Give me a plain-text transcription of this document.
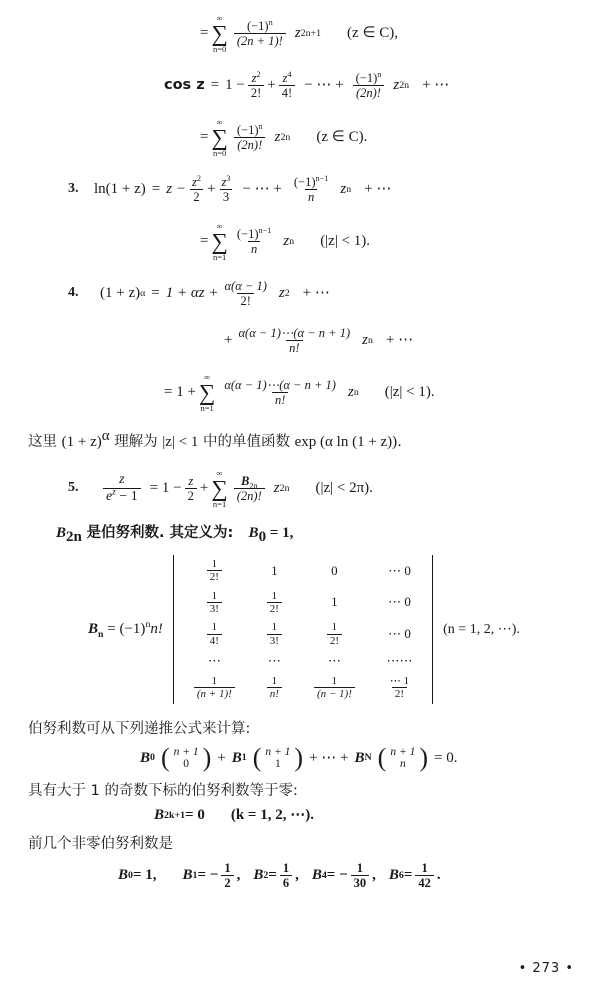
=
∞
∑
n=0
$\frac{(-1)^n}{(2n + 1)!}$ z 2n+1 (z ∈ C),
$\cos z = 1 - \frac{z^2}{2!} + \frac{z^4}{4!}$ − ⋯ + $\frac{(-1)^n}{(2n)!}$ z 2n + ⋯
=
∞
∑
n=0
$\frac{(-1)^n}{(2n)!}$ z 2n (z ∈ C).
3.	$\ln(1 + z) = z - \frac{z^2}{2} + \frac{z^3}{3}$ − ⋯ + $\frac{(-1)^{n-1}}{n}$ z n + ⋯
=
∞
∑
n=1
$\frac{(-1)^{n-1}}{n}$ z n (|z| < 1).
4.	(1 + z) $\alpha = 1 + \alpha z + \frac{\alpha(\alpha - 1)}{2!}$ z 2 + ⋯
+ $\frac{\alpha(\alpha - 1)\cdots(\alpha - n + 1)}{n!}$ z n + ⋯
= 1 +
∞
∑
n=1
$\frac{\alpha(\alpha - 1)\cdots(\alpha - n + 1)}{n!}$ z n (|z| < 1).
这里 $(1 + z)^\alpha$ 理解为 |z| < 1 中的单值函数 exp (α ln (1 + z)).
5.	$\frac{z}{e^z - 1} = 1 - \frac{z}{2}$ +
∞
∑
n=1
$\frac{B_{2n}}{(2n)!}$ z 2n (|z| < 2π).
$B_{2n}$ 是伯努利数. 其定义为: $B_0 = 1$,
$B_n = (-1)^nn$!
$\frac{1}{2!}$	1	0	⋯ 0

$\frac{1}{3!}$	$\frac{1}{2!}$	1	⋯ 0

$\frac{1}{4!}$	$\frac{1}{3!}$	$\frac{1}{2!}$	⋯ 0
⋯	⋯	⋯	⋯⋯

$\frac{1}{(n + 1)!}$	$\frac{1}{n!}$	$\frac{1}{(n - 1)!}$	$\frac{\cdots 1}{2!}$
(n = 1, 2, ⋯).
伯努利数可从下列递推公式来计算:
B 0 ( n + 1
0 ) + B 1 ( n + 1
1 ) + ⋯ + B N ( n + 1
n ) = 0.
具有大于 1 的奇数下标的伯努利数等于零:
B 2k+1 = 0 (k = 1, 2, ⋯).
前几个非零伯努利数是
B 0 = 1, B 1 = − $\frac{1}{2}$ , B $2 = \frac{1}{6}$ , B 4 = − $\frac{1}{30}$ , B $6 = \frac{1}{42}$ .
• 273 •
